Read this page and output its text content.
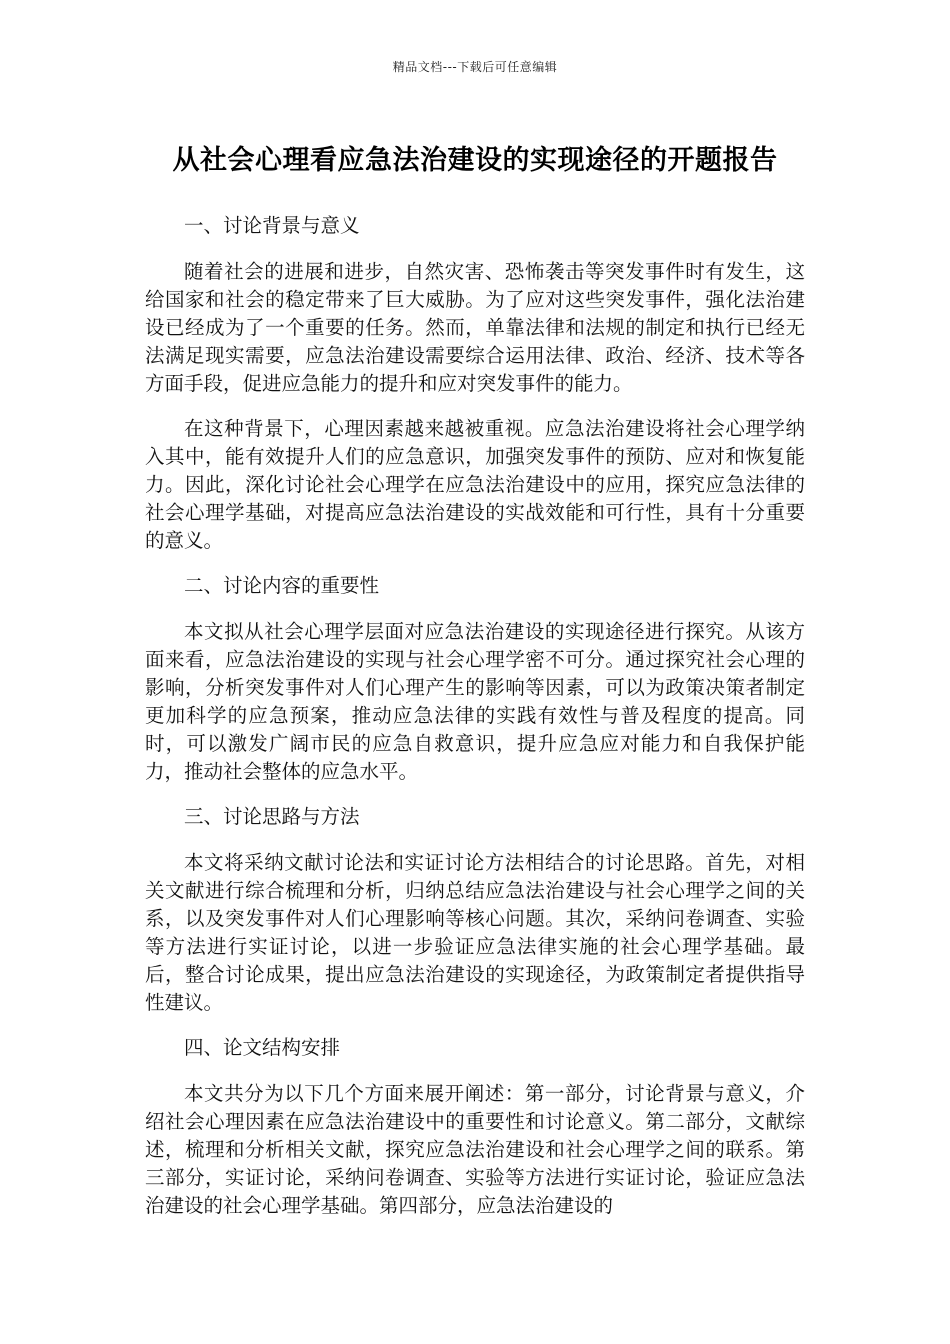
精品文档---下载后可任意编辑
从社会心理看应急法治建设的实现途径的开题报告

一、讨论背景与意义

随着社会的进展和进步，自然灾害、恐怖袭击等突发事件时有发生，这给国家和社会的稳定带来了巨大威胁。为了应对这些突发事件，强化法治建设已经成为了一个重要的任务。然而，单靠法律和法规的制定和执行已经无法满足现实需要，应急法治建设需要综合运用法律、政治、经济、技术等各方面手段，促进应急能力的提升和应对突发事件的能力。

在这种背景下，心理因素越来越被重视。应急法治建设将社会心理学纳入其中，能有效提升人们的应急意识，加强突发事件的预防、应对和恢复能力。因此，深化讨论社会心理学在应急法治建设中的应用，探究应急法律的社会心理学基础，对提高应急法治建设的实战效能和可行性，具有十分重要的意义。

二、讨论内容的重要性

本文拟从社会心理学层面对应急法治建设的实现途径进行探究。从该方面来看，应急法治建设的实现与社会心理学密不可分。通过探究社会心理的影响，分析突发事件对人们心理产生的影响等因素，可以为政策决策者制定更加科学的应急预案，推动应急法律的实践有效性与普及程度的提高。同时，可以激发广阔市民的应急自救意识，提升应急应对能力和自我保护能力，推动社会整体的应急水平。

三、讨论思路与方法

本文将采纳文献讨论法和实证讨论方法相结合的讨论思路。首先，对相关文献进行综合梳理和分析，归纳总结应急法治建设与社会心理学之间的关系，以及突发事件对人们心理影响等核心问题。其次，采纳问卷调查、实验等方法进行实证讨论，以进一步验证应急法律实施的社会心理学基础。最后，整合讨论成果，提出应急法治建设的实现途径，为政策制定者提供指导性建议。

四、论文结构安排

本文共分为以下几个方面来展开阐述：第一部分，讨论背景与意义，介绍社会心理因素在应急法治建设中的重要性和讨论意义。第二部分，文献综述，梳理和分析相关文献，探究应急法治建设和社会心理学之间的联系。第三部分，实证讨论，采纳问卷调查、实验等方法进行实证讨论，验证应急法治建设的社会心理学基础。第四部分，应急法治建设的
